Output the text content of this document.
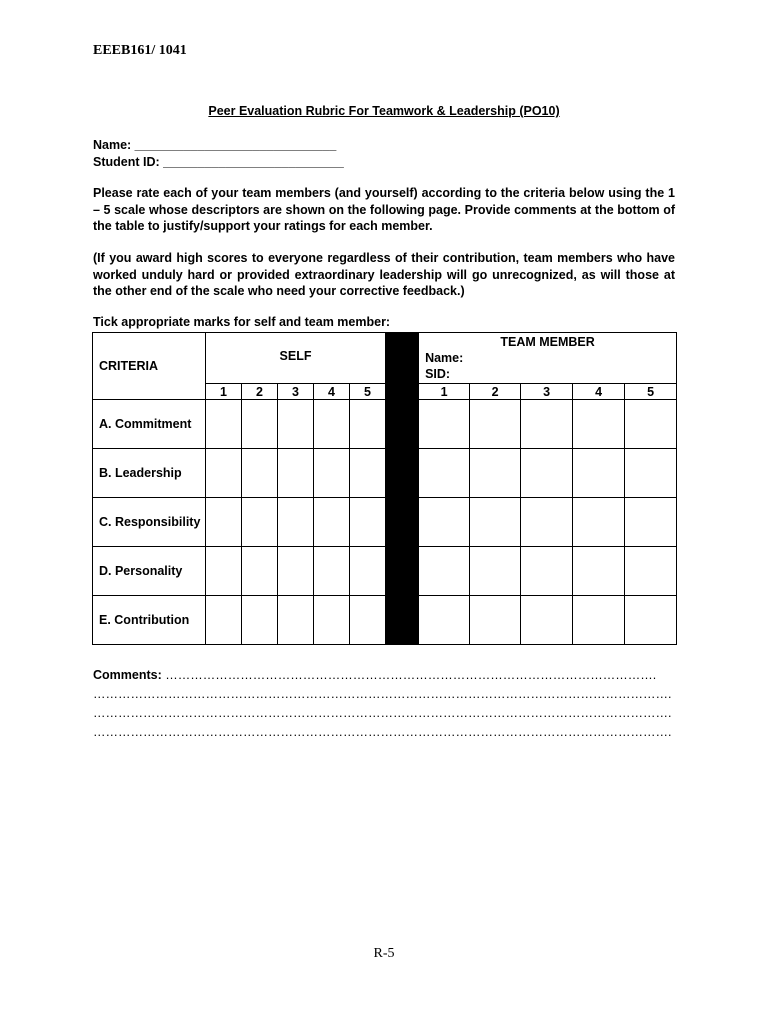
EEEB161/ 1041
Peer Evaluation Rubric For Teamwork & Leadership (PO10)
Name: _____________________________
Student ID: __________________________

Please rate each of your team members (and yourself) according to the criteria below using the 1 – 5 scale whose descriptors are shown on the following page. Provide comments at the bottom of the table to justify/support your ratings for each member.

(If you award high scores to everyone regardless of their contribution, team members who have worked unduly hard or provided extraordinary leadership will go unrecognized, as will those at the other end of the scale who need your corrective feedback.)

Tick appropriate marks for self and team member:
CRITERIA	SELF						TEAM MEMBER
Name:
SID:				

	1	2	3	4	5		1	2	3	4	5
A. Commitment											
B. Leadership											
C. Responsibility											
D. Personality											
E. Contribution											
Comments: ……………………………………………………………………………………………………….
………………………………………………………………………………………………………………………….
………………………………………………………………………………………………………………………….
………………………………………………………………………………………………………………………….
R-5
